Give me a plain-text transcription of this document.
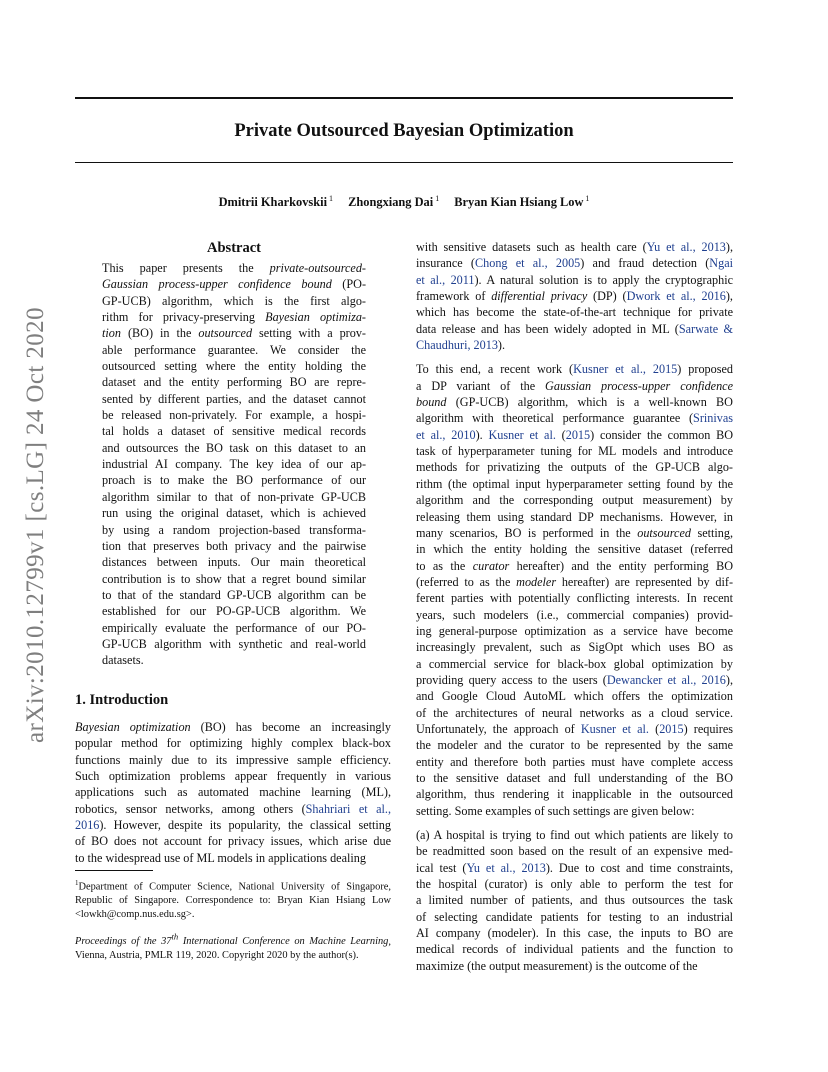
Private Outsourced Bayesian Optimization
Dmitrii Kharkovskii $^1$ Zhongxiang Dai $^1$ Bryan Kian Hsiang Low $^1$
arXiv:2010.12799v1 [cs.LG] 24 Oct 2020
Abstract
This paper presents the private-outsourced-
Gaussian process-upper confidence bound (PO-
GP-UCB) algorithm, which is the first algo-
rithm for privacy-preserving Bayesian optimiza-
tion (BO) in the outsourced setting with a prov-
able performance guarantee. We consider the
outsourced setting where the entity holding the
dataset and the entity performing BO are repre-
sented by different parties, and the dataset cannot
be released non-privately. For example, a hospi-
tal holds a dataset of sensitive medical records
and outsources the BO task on this dataset to an
industrial AI company. The key idea of our ap-
proach is to make the BO performance of our
algorithm similar to that of non-private GP-UCB
run using the original dataset, which is achieved
by using a random projection-based transforma-
tion that preserves both privacy and the pairwise
distances between inputs. Our main theoretical
contribution is to show that a regret bound similar
to that of the standard GP-UCB algorithm can be
established for our PO-GP-UCB algorithm. We
empirically evaluate the performance of our PO-
GP-UCB algorithm with synthetic and real-world
datasets.
1. Introduction
Bayesian optimization (BO) has become an increasingly
popular method for optimizing highly complex black-box
functions mainly due to its impressive sample efficiency.
Such optimization problems appear frequently in various
applications such as automated machine learning (ML),
robotics, sensor networks, among others (Shahriari et al.,
2016). However, despite its popularity, the classical setting
of BO does not account for privacy issues, which arise due
to the widespread use of ML models in applications dealing
$^1$Department of Computer Science, National University of Singapore, Republic of Singapore. Correspondence to: Bryan Kian Hsiang Low <lowkh@comp.nus.edu.sg>.
Proceedings of the 37th International Conference on Machine Learning, Vienna, Austria, PMLR 119, 2020. Copyright 2020 by the author(s).
with sensitive datasets such as health care (Yu et al., 2013),
insurance (Chong et al., 2005) and fraud detection (Ngai
et al., 2011). A natural solution is to apply the cryptographic
framework of differential privacy (DP) (Dwork et al., 2016),
which has become the state-of-the-art technique for private
data release and has been widely adopted in ML (Sarwate &
Chaudhuri, 2013).
To this end, a recent work (Kusner et al., 2015) proposed
a DP variant of the Gaussian process-upper confidence
bound (GP-UCB) algorithm, which is a well-known BO
algorithm with theoretical performance guarantee (Srinivas
et al., 2010). Kusner et al. (2015) consider the common BO
task of hyperparameter tuning for ML models and introduce
methods for privatizing the outputs of the GP-UCB algo-
rithm (the optimal input hyperparameter setting found by the
algorithm and the corresponding output measurement) by
releasing them using standard DP mechanisms. However, in
many scenarios, BO is performed in the outsourced setting,
in which the entity holding the sensitive dataset (referred
to as the curator hereafter) and the entity performing BO
(referred to as the modeler hereafter) are represented by dif-
ferent parties with potentially conflicting interests. In recent
years, such modelers (i.e., commercial companies) provid-
ing general-purpose optimization as a service have become
increasingly prevalent, such as SigOpt which uses BO as
a commercial service for black-box global optimization by
providing query access to the users (Dewancker et al., 2016),
and Google Cloud AutoML which offers the optimization
of the architectures of neural networks as a cloud service.
Unfortunately, the approach of Kusner et al. (2015) requires
the modeler and the curator to be represented by the same
entity and therefore both parties must have complete access
to the sensitive dataset and full understanding of the BO
algorithm, thus rendering it inapplicable in the outsourced
setting. Some examples of such settings are given below:
(a) A hospital is trying to find out which patients are likely to
be readmitted soon based on the result of an expensive med-
ical test (Yu et al., 2013). Due to cost and time constraints,
the hospital (curator) is only able to perform the test for
a limited number of patients, and thus outsources the task
of selecting candidate patients for testing to an industrial
AI company (modeler). In this case, the inputs to BO are
medical records of individual patients and the function to
maximize (the output measurement) is the outcome of the
